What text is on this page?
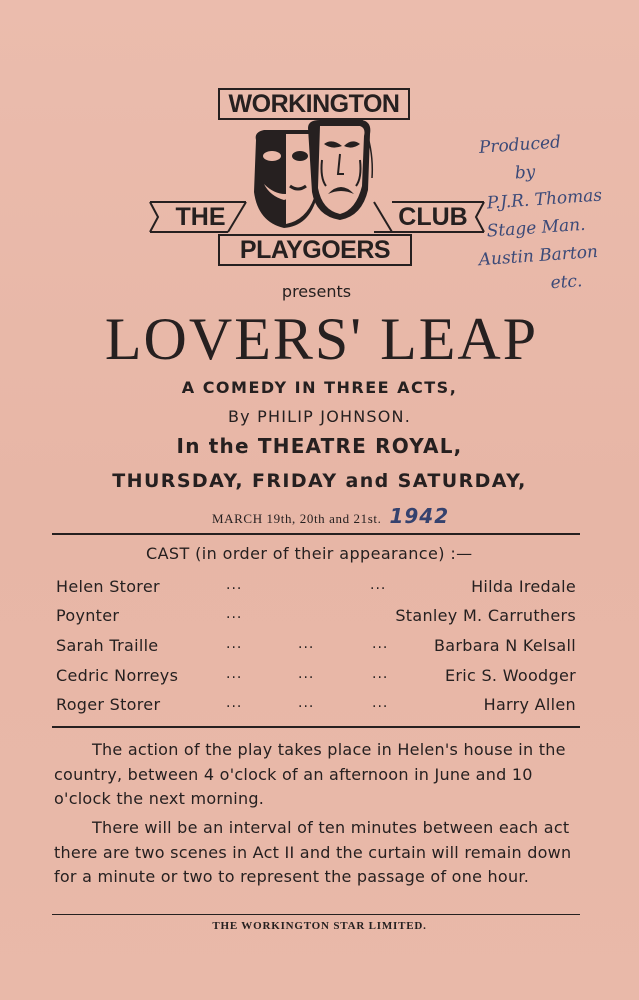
WORKINGTON
THE	CLUB
PLAYGOERS
Produced
by
P.J.R. Thomas
Stage Man.
Austin Barton
etc.
presents
LOVERS' LEAP
A COMEDY IN THREE ACTS,
By PHILIP JOHNSON.
In the THEATRE ROYAL,
THURSDAY, FRIDAY and SATURDAY,
MARCH 19th, 20th and 21st. 1942
CAST (in order of their appearance) :—
Helen Storer	...	...	Hilda Iredale
Poynter	...	Stanley M. Carruthers
Sarah Traille	...	...	...	Barbara N Kelsall
Cedric Norreys	...	...	...	Eric S. Woodger
Roger Storer	...	...	...	Harry Allen

The action of the play takes place in Helen's house in the country, between 4 o'clock of an afternoon in June and 10 o'clock the next morning.

There will be an interval of ten minutes between each act there are two scenes in Act II and the curtain will remain down for a minute or two to represent the passage of one hour.

THE WORKINGTON STAR LIMITED.
